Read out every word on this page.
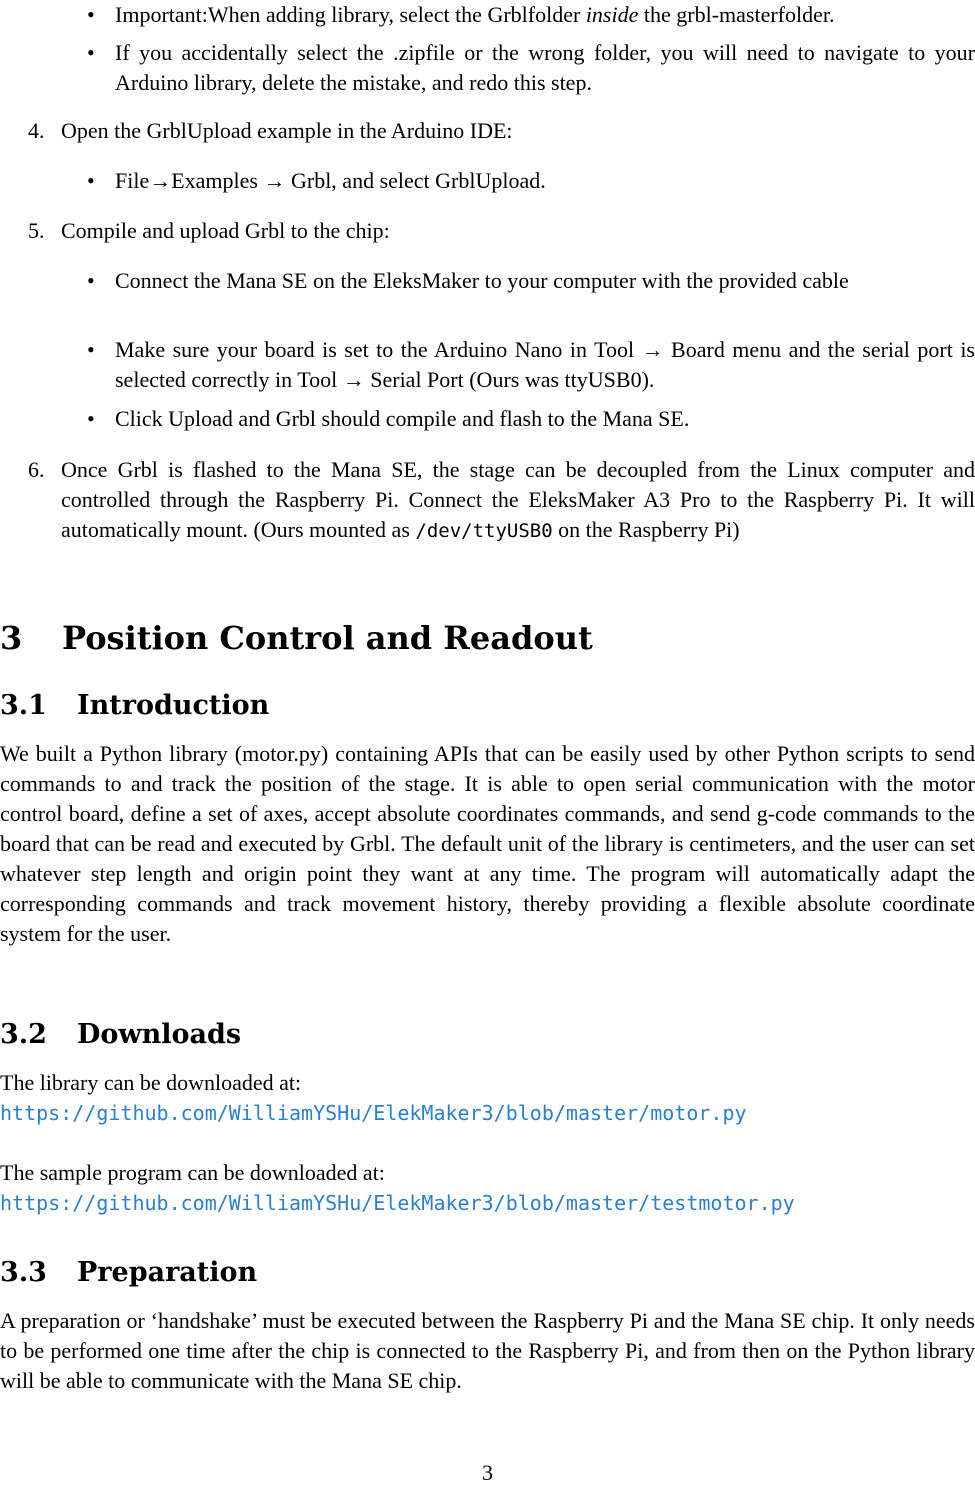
•
Important:When adding library, select the Grblfolder inside the grbl-masterfolder.
•
If you accidentally select the .zipfile or the wrong folder, you will need to navigate to your Arduino library, delete the mistake, and redo this step.
4. Open the GrblUpload example in the Arduino IDE:
•
File→Examples → Grbl, and select GrblUpload.
5. Compile and upload Grbl to the chip:
•
Connect the Mana SE on the EleksMaker to your computer with the provided cable
•
Make sure your board is set to the Arduino Nano in Tool → Board menu and the serial port is selected correctly in Tool → Serial Port (Ours was ttyUSB0).
•
Click Upload and Grbl should compile and flash to the Mana SE.
6. Once Grbl is flashed to the Mana SE, the stage can be decoupled from the Linux computer and controlled through the Raspberry Pi. Connect the EleksMaker A3 Pro to the Raspberry Pi. It will automatically mount. (Ours mounted as /dev/ttyUSB0 on the Raspberry Pi)
3 Position Control and Readout
3.1 Introduction

We built a Python library (motor.py) containing APIs that can be easily used by other Python scripts to send commands to and track the position of the stage. It is able to open serial communication with the motor control board, define a set of axes, accept absolute coordinates commands, and send g-code commands to the board that can be read and executed by Grbl. The default unit of the library is centimeters, and the user can set whatever step length and origin point they want at any time. The program will automatically adapt the corresponding commands and track movement history, thereby providing a flexible absolute coordinate system for the user.

3.2 Downloads

The library can be downloaded at:

https://github.com/WilliamYSHu/ElekMaker3/blob/master/motor.py

The sample program can be downloaded at:

https://github.com/WilliamYSHu/ElekMaker3/blob/master/testmotor.py
3.3 Preparation

A preparation or ‘handshake’ must be executed between the Raspberry Pi and the Mana SE chip. It only needs to be performed one time after the chip is connected to the Raspberry Pi, and from then on the Python library will be able to communicate with the Mana SE chip.

3
